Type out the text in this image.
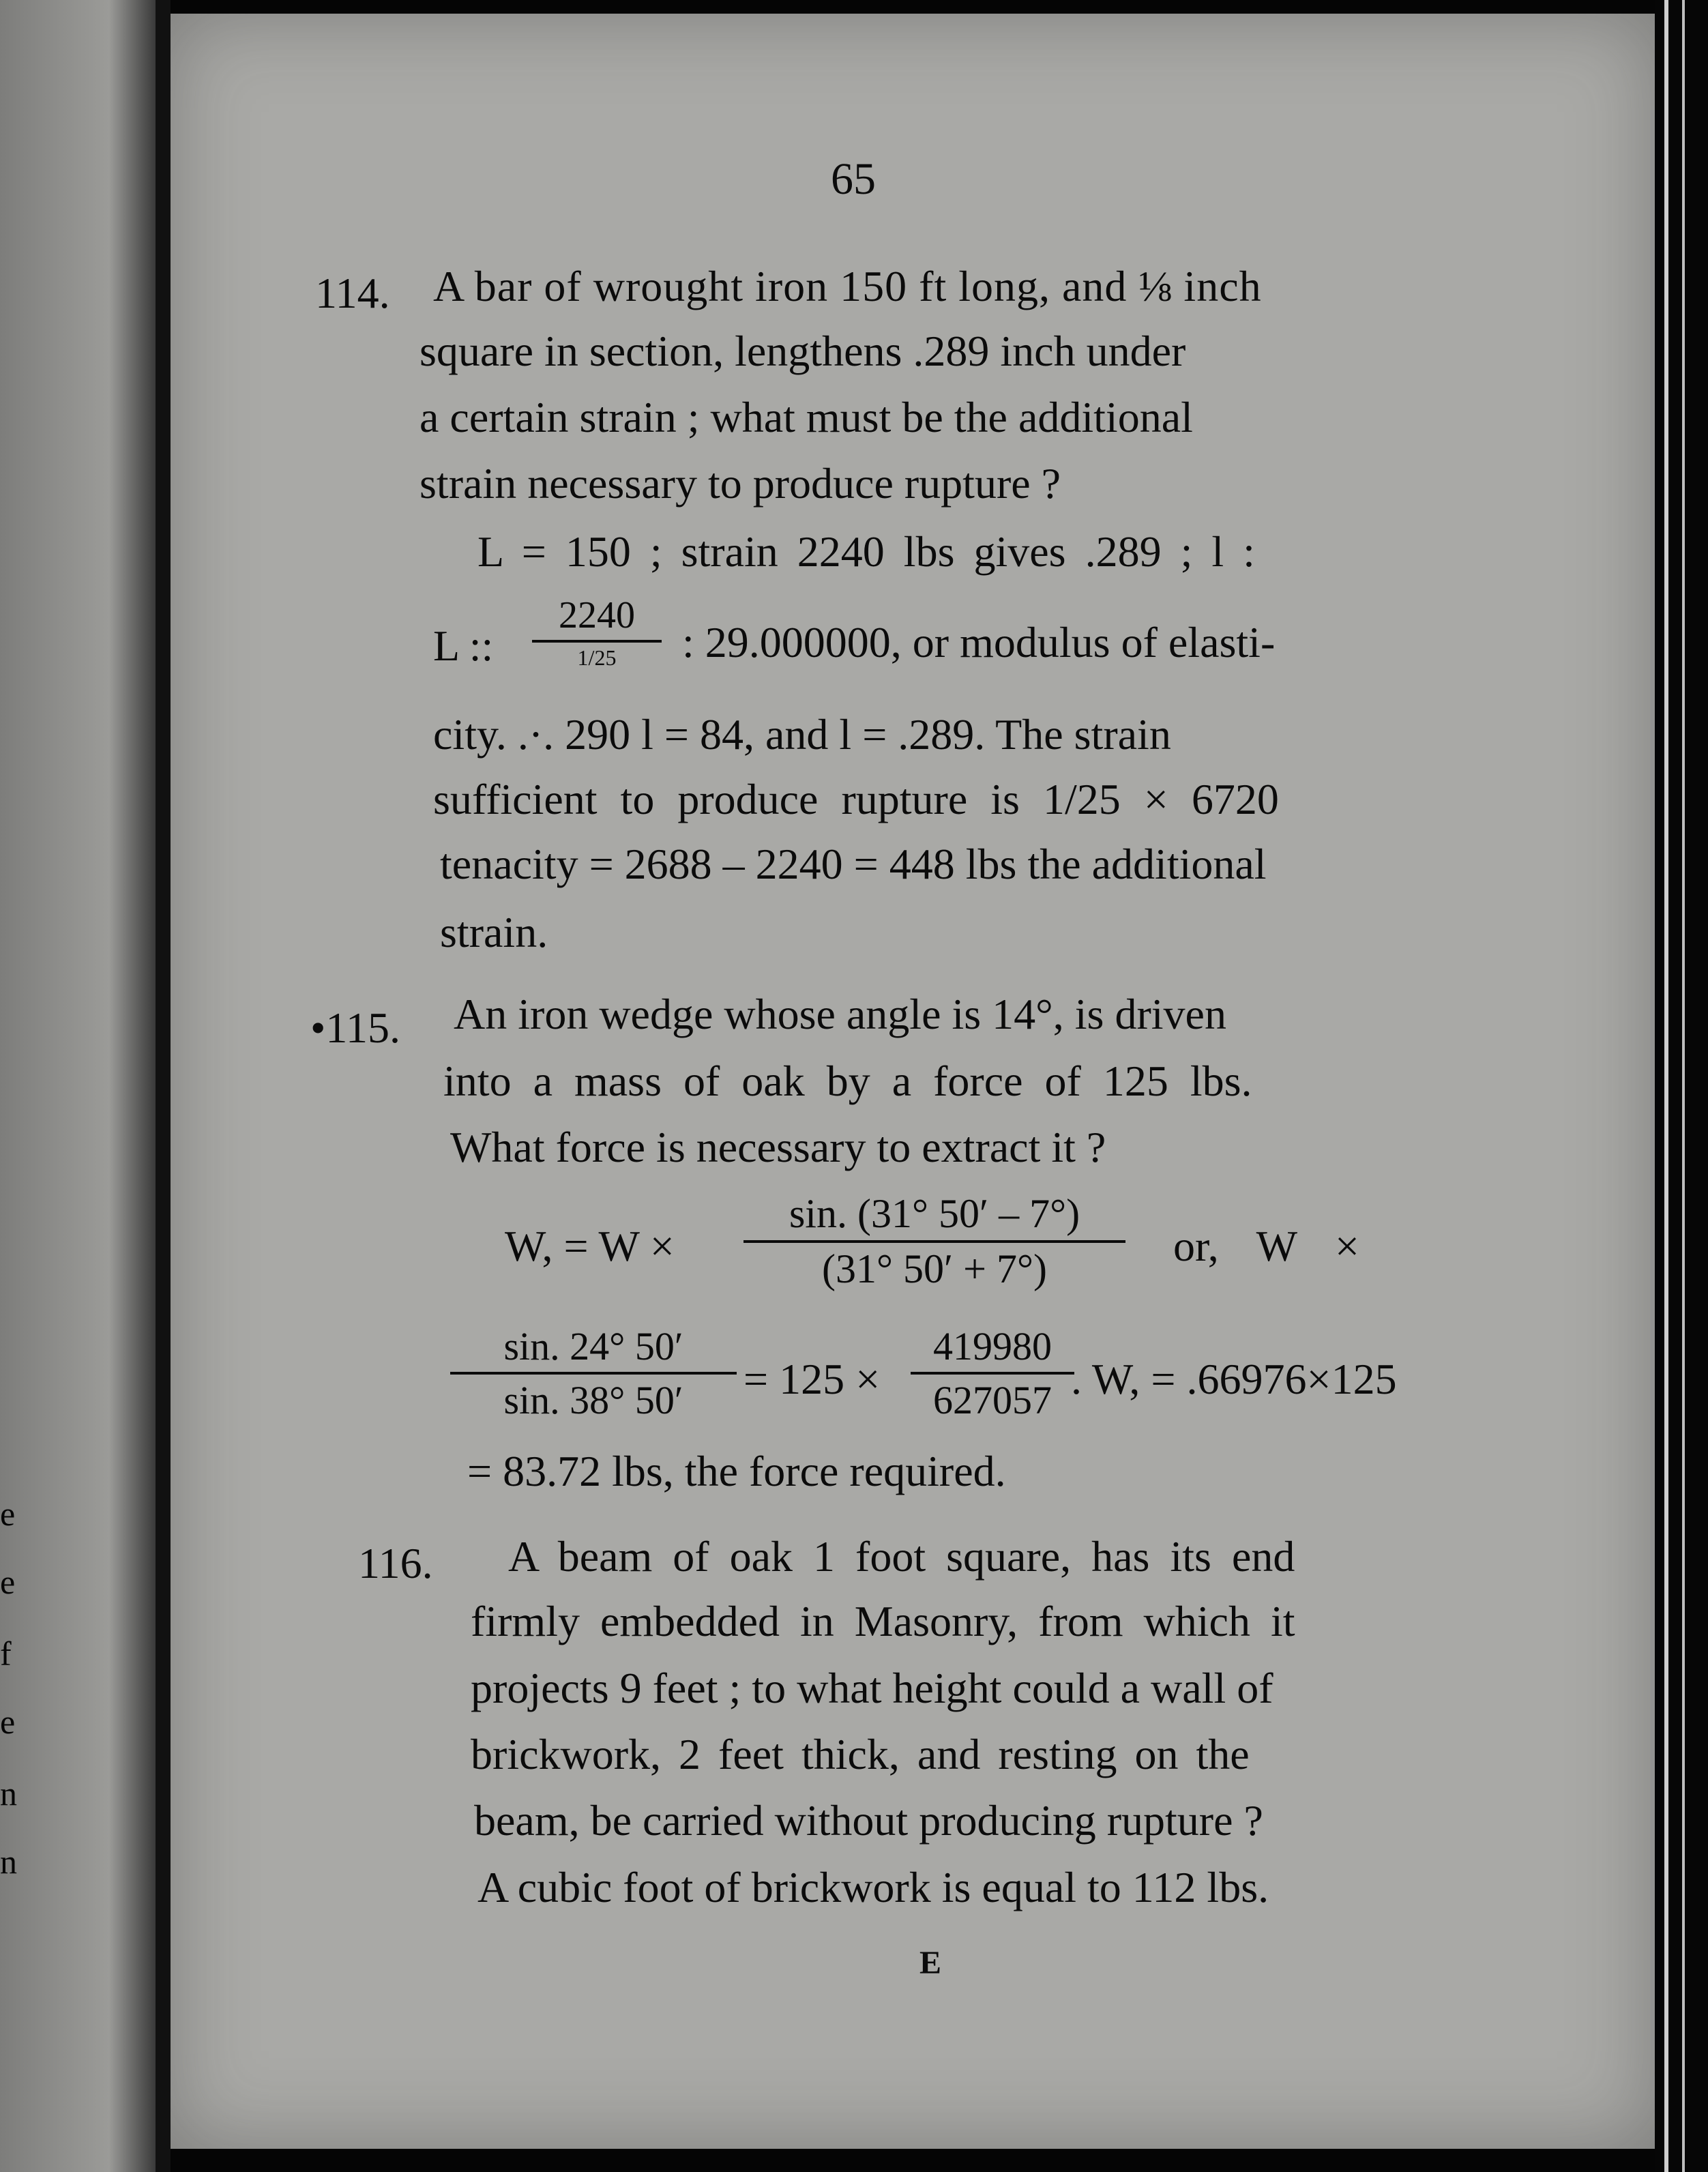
e
e
f
e
n
n
65
114. A bar of wrought iron 150 ft long, and ⅛ inch
square in section, lengthens .289 inch under
a certain strain ; what must be the additional
strain necessary to produce rupture ?
L = 150 ; strain 2240 lbs gives .289 ; l :
L ::
2240
1/25	: 29.000000, or modulus of elasti-
city. .·. 290 l = 84, and l = .289. The strain
sufficient to produce rupture is 1/25 × 6720
tenacity = 2688 – 2240 = 448 lbs the additional
strain.
•115. An iron wedge whose angle is 14°, is driven
into a mass of oak by a force of 125 lbs.
What force is necessary to extract it ?
W, = W ×
sin. (31° 50′ – 7°)
(31° 50′ + 7°)	or, W ×
sin. 24° 50′
sin. 38° 50′	= 125 ×
419980
627057 . W, = .66976×125
= 83.72 lbs, the force required.
116. A beam of oak 1 foot square, has its end
firmly embedded in Masonry, from which it
projects 9 feet ; to what height could a wall of
brickwork, 2 feet thick, and resting on the
beam, be carried without producing rupture ?
A cubic foot of brickwork is equal to 112 lbs.
E
